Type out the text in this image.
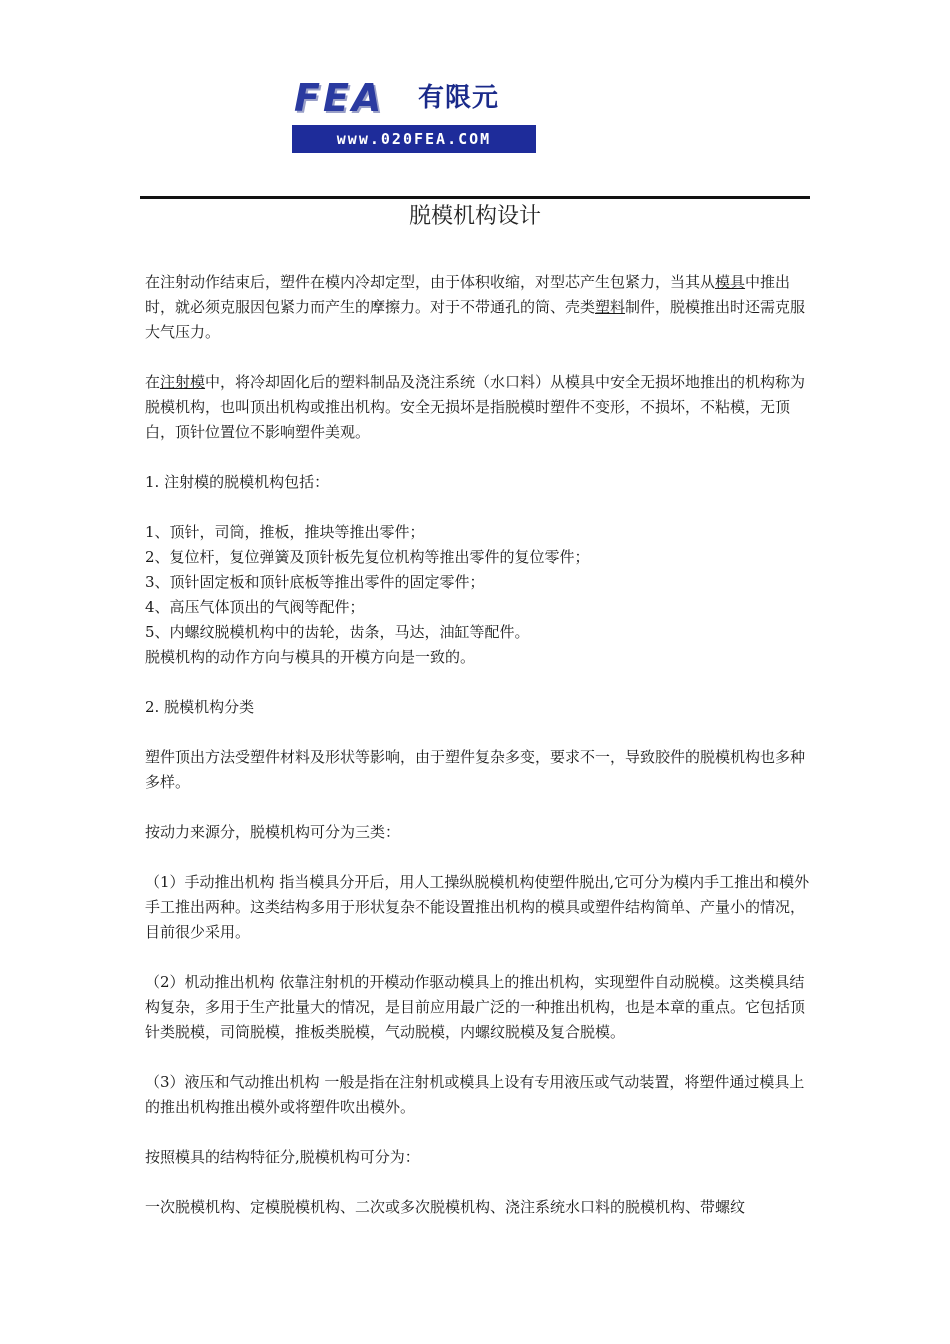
FEA 有限元
www.020FEA.COM
脱模机构设计

在注射动作结束后，塑件在模内冷却定型，由于体积收缩，对型芯产生包紧力，当其从模具中推出时，就必须克服因包紧力而产生的摩擦力。对于不带通孔的筒、壳类塑料制件，脱模推出时还需克服大气压力。

在注射模中，将冷却固化后的塑料制品及浇注系统（水口料）从模具中安全无损坏地推出的机构称为脱模机构，也叫顶出机构或推出机构。安全无损坏是指脱模时塑件不变形，不损坏，不粘模，无顶白，顶针位置位不影响塑件美观。

1. 注射模的脱模机构包括：

1、顶针，司筒，推板，推块等推出零件；

2、复位杆，复位弹簧及顶针板先复位机构等推出零件的复位零件；

3、顶针固定板和顶针底板等推出零件的固定零件；

4、高压气体顶出的气阀等配件；

5、内螺纹脱模机构中的齿轮，齿条，马达，油缸等配件。

脱模机构的动作方向与模具的开模方向是一致的。

2. 脱模机构分类

塑件顶出方法受塑件材料及形状等影响，由于塑件复杂多变，要求不一，导致胶件的脱模机构也多种多样。

按动力来源分，脱模机构可分为三类：

（1）手动推出机构 指当模具分开后，用人工操纵脱模机构使塑件脱出,它可分为模内手工推出和模外手工推出两种。这类结构多用于形状复杂不能设置推出机构的模具或塑件结构简单、产量小的情况，目前很少采用。

（2）机动推出机构 依靠注射机的开模动作驱动模具上的推出机构，实现塑件自动脱模。这类模具结构复杂，多用于生产批量大的情况，是目前应用最广泛的一种推出机构，也是本章的重点。它包括顶针类脱模，司筒脱模，推板类脱模，气动脱模，内螺纹脱模及复合脱模。

（3）液压和气动推出机构 一般是指在注射机或模具上设有专用液压或气动装置，将塑件通过模具上的推出机构推出模外或将塑件吹出模外。

按照模具的结构特征分,脱模机构可分为：

一次脱模机构、定模脱模机构、二次或多次脱模机构、浇注系统水口料的脱模机构、带螺纹
